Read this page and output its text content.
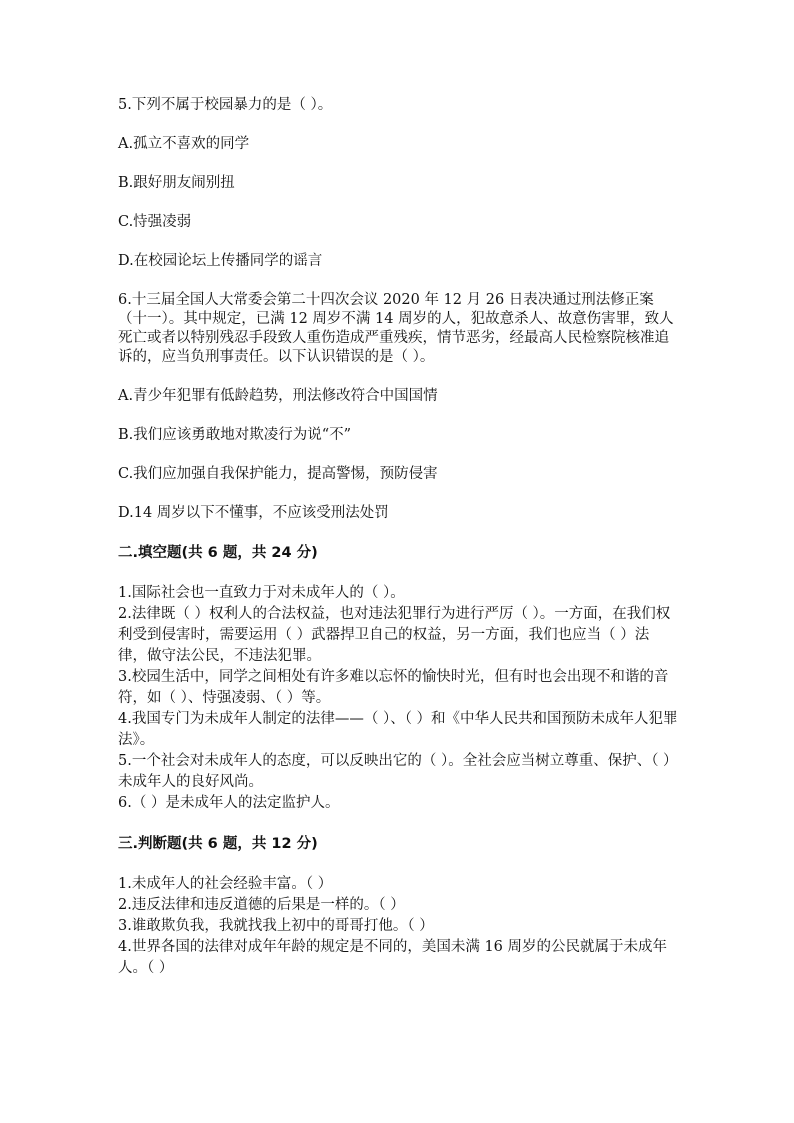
5.下列不属于校园暴力的是（ ）。
A.孤立不喜欢的同学
B.跟好朋友闹别扭
C.恃强凌弱
D.在校园论坛上传播同学的谣言
6.十三届全国人大常委会第二十四次会议 2020 年 12 月 26 日表决通过刑法修正案（十一）。其中规定，已满 12 周岁不满 14 周岁的人，犯故意杀人、故意伤害罪，致人死亡或者以特别残忍手段致人重伤造成严重残疾，情节恶劣，经最高人民检察院核准追诉的，应当负刑事责任。以下认识错误的是（ ）。
A.青少年犯罪有低龄趋势，刑法修改符合中国国情
B.我们应该勇敢地对欺凌行为说“不”
C.我们应加强自我保护能力，提高警惕，预防侵害
D.14 周岁以下不懂事，不应该受刑法处罚
二.填空题(共 6 题，共 24 分)
1.国际社会也一直致力于对未成年人的（ ）。
2.法律既（ ）权利人的合法权益，也对违法犯罪行为进行严厉（ ）。一方面，在我们权利受到侵害时，需要运用（ ）武器捍卫自己的权益，另一方面，我们也应当（ ）法律，做守法公民，不违法犯罪。
3.校园生活中，同学之间相处有许多难以忘怀的愉快时光，但有时也会出现不和谐的音符，如（ ）、恃强凌弱、（ ）等。
4.我国专门为未成年人制定的法律——（ ）、（ ）和《中华人民共和国预防未成年人犯罪法》。
5.一个社会对未成年人的态度，可以反映出它的（ ）。全社会应当树立尊重、保护、（ ）未成年人的良好风尚。
6.（ ）是未成年人的法定监护人。
三.判断题(共 6 题，共 12 分)
1.未成年人的社会经验丰富。（ ）
2.违反法律和违反道德的后果是一样的。（ ）
3.谁敢欺负我，我就找我上初中的哥哥打他。（ ）
4.世界各国的法律对成年年龄的规定是不同的，美国未满 16 周岁的公民就属于未成年人。（ ）
